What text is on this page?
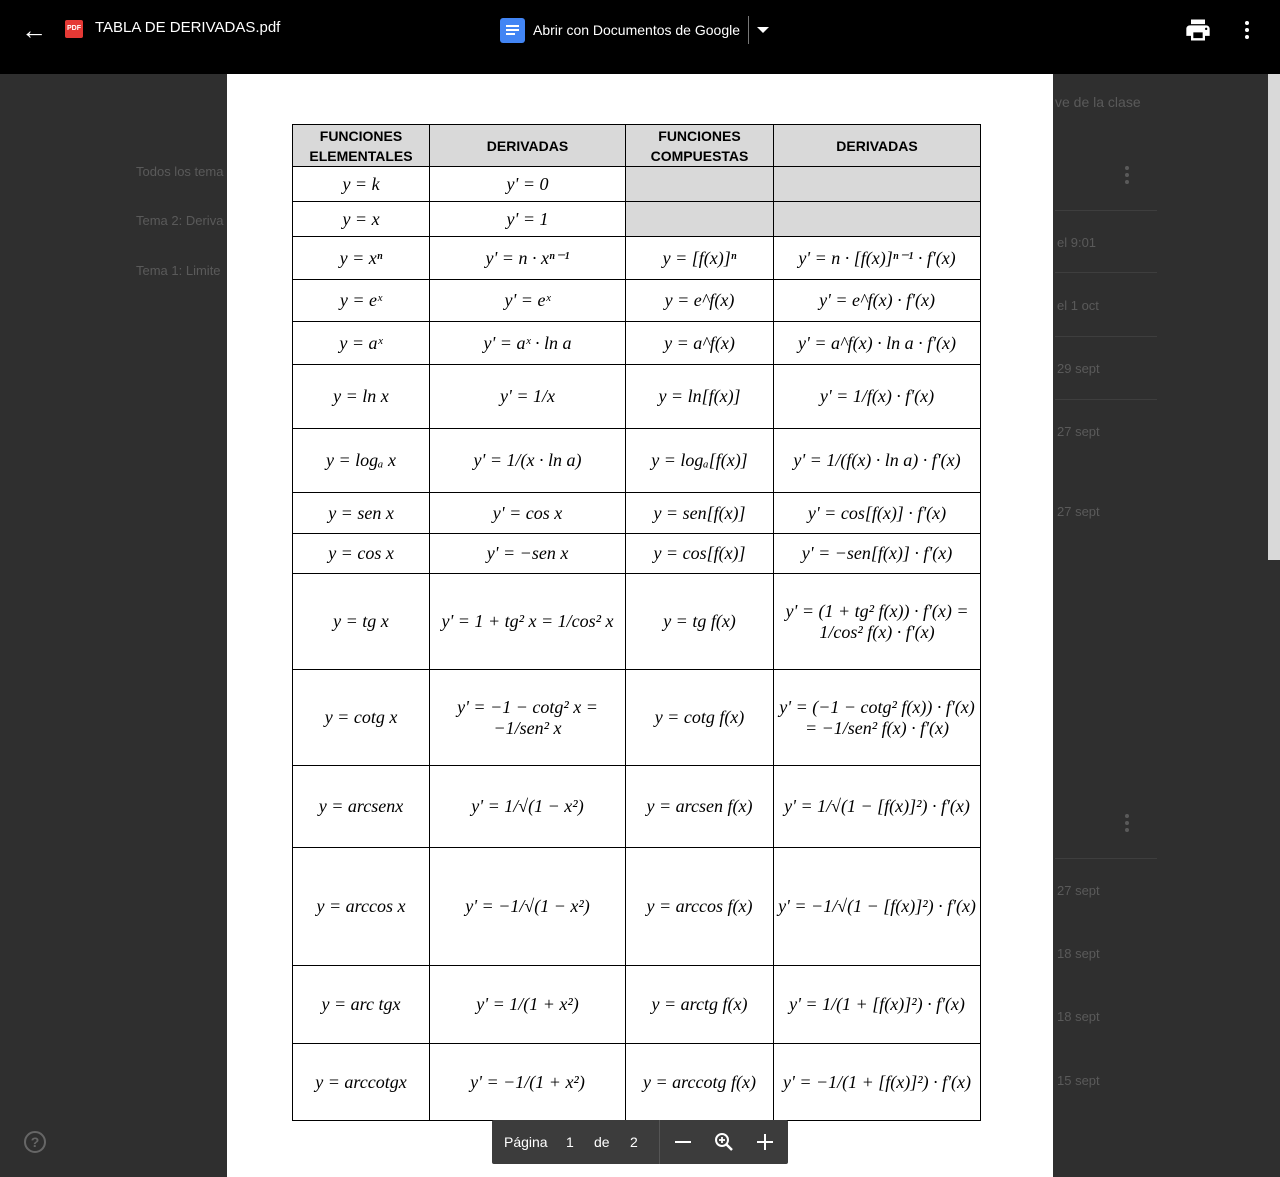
←	PDF TABLA DE DERIVADAS.pdf	Abrir con Documentos de Google
Todos los tema
Tema 2: Deriva
Tema 1: Limite
ve de la clase
el 9:01
el 1 oct
29 sept
27 sept
27 sept
27 sept
18 sept
18 sept
15 sept
?
FUNCIONES ELEMENTALES	DERIVADAS	FUNCIONES COMPUESTAS	DERIVADAS
y = k	y' = 0		
y = x	y' = 1		
y = xⁿ	y' = n · xⁿ⁻¹	y = [f(x)]ⁿ	y' = n · [f(x)]ⁿ⁻¹ · f'(x)
y = eˣ	y' = eˣ	y = e^f(x)	y' = e^f(x) · f'(x)
y = aˣ	y' = aˣ · ln a	y = a^f(x)	y' = a^f(x) · ln a · f'(x)
y = ln x	y' = 1/x	y = ln[f(x)]	y' = 1/f(x) · f'(x)
y = logₐ x	y' = 1/(x · ln a)	y = logₐ[f(x)]	y' = 1/(f(x) · ln a) · f'(x)
y = sen x	y' = cos x	y = sen[f(x)]	y' = cos[f(x)] · f'(x)
y = cos x	y' = −sen x	y = cos[f(x)]	y' = −sen[f(x)] · f'(x)
y = tg x	y' = 1 + tg² x = 1/cos² x	y = tg f(x)	y' = (1 + tg² f(x)) · f'(x) = 1/cos² f(x) · f'(x)
y = cotg x	y' = −1 − cotg² x = −1/sen² x	y = cotg f(x)	y' = (−1 − cotg² f(x)) · f'(x) = −1/sen² f(x) · f'(x)
y = arcsenx	y' = 1/√(1 − x²)	y = arcsen f(x)	y' = 1/√(1 − [f(x)]²) · f'(x)
y = arccos x	y' = −1/√(1 − x²)	y = arccos f(x)	y' = −1/√(1 − [f(x)]²) · f'(x)
y = arc tgx	y' = 1/(1 + x²)	y = arctg f(x)	y' = 1/(1 + [f(x)]²) · f'(x)
y = arccotgx	y' = −1/(1 + x²)	y = arccotg f(x)	y' = −1/(1 + [f(x)]²) · f'(x)
Página 1 de 2
